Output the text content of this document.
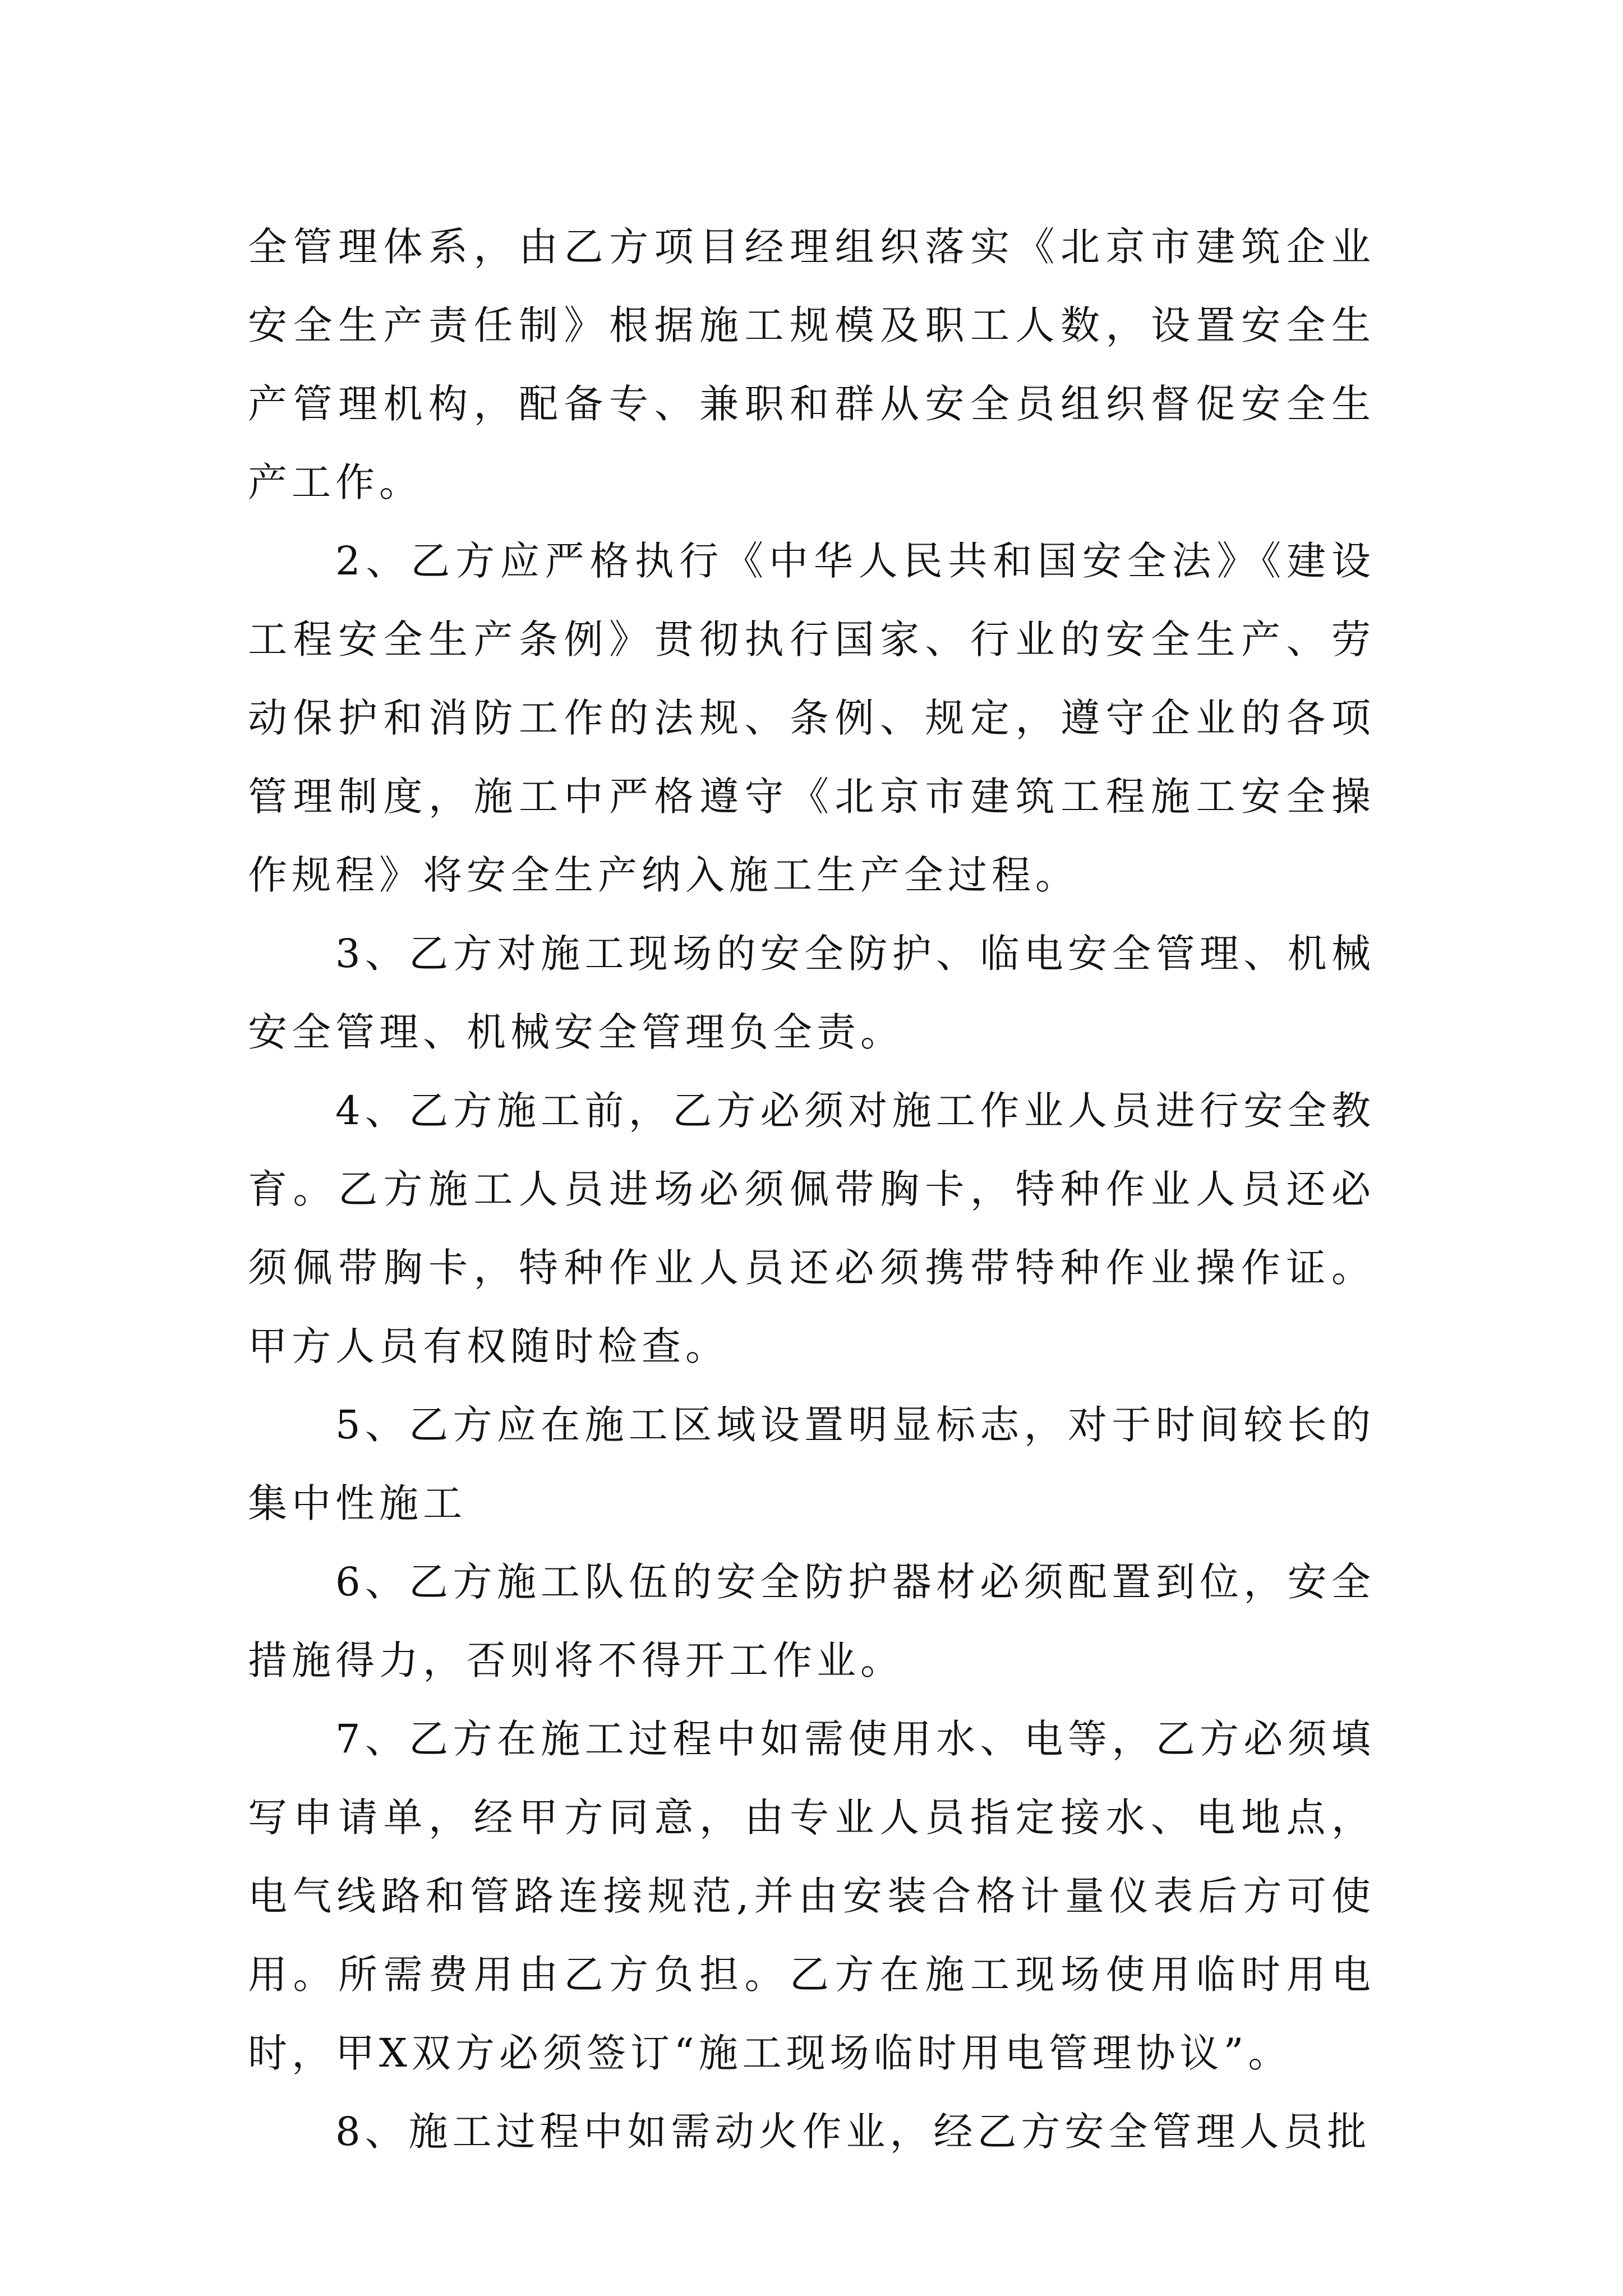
全管理体系，由乙方项目经理组织落实《北京市建筑企业安全生产责任制》根据施工规模及职工人数，设置安全生产管理机构，配备专、兼职和群从安全员组织督促安全生产工作。

2、乙方应严格执行《中华人民共和国安全法》《建设工程安全生产条例》贯彻执行国家、行业的安全生产、劳动保护和消防工作的法规、条例、规定，遵守企业的各项管理制度，施工中严格遵守《北京市建筑工程施工安全操作规程》将安全生产纳入施工生产全过程。

3、乙方对施工现场的安全防护、临电安全管理、机械安全管理、机械安全管理负全责。

4、乙方施工前，乙方必须对施工作业人员进行安全教育。乙方施工人员进场必须佩带胸卡，特种作业人员还必须佩带胸卡，特种作业人员还必须携带特种作业操作证。甲方人员有权随时检查。

5、乙方应在施工区域设置明显标志，对于时间较长的集中性施工

6、乙方施工队伍的安全防护器材必须配置到位，安全措施得力，否则将不得开工作业。

7、乙方在施工过程中如需使用水、电等，乙方必须填写申请单，经甲方同意，由专业人员指定接水、电地点，电气线路和管路连接规范,并由安装合格计量仪表后方可使用。所需费用由乙方负担。乙方在施工现场使用临时用电时，甲X双方必须签订“施工现场临时用电管理协议”。

8、施工过程中如需动火作业，经乙方安全管理人员批
